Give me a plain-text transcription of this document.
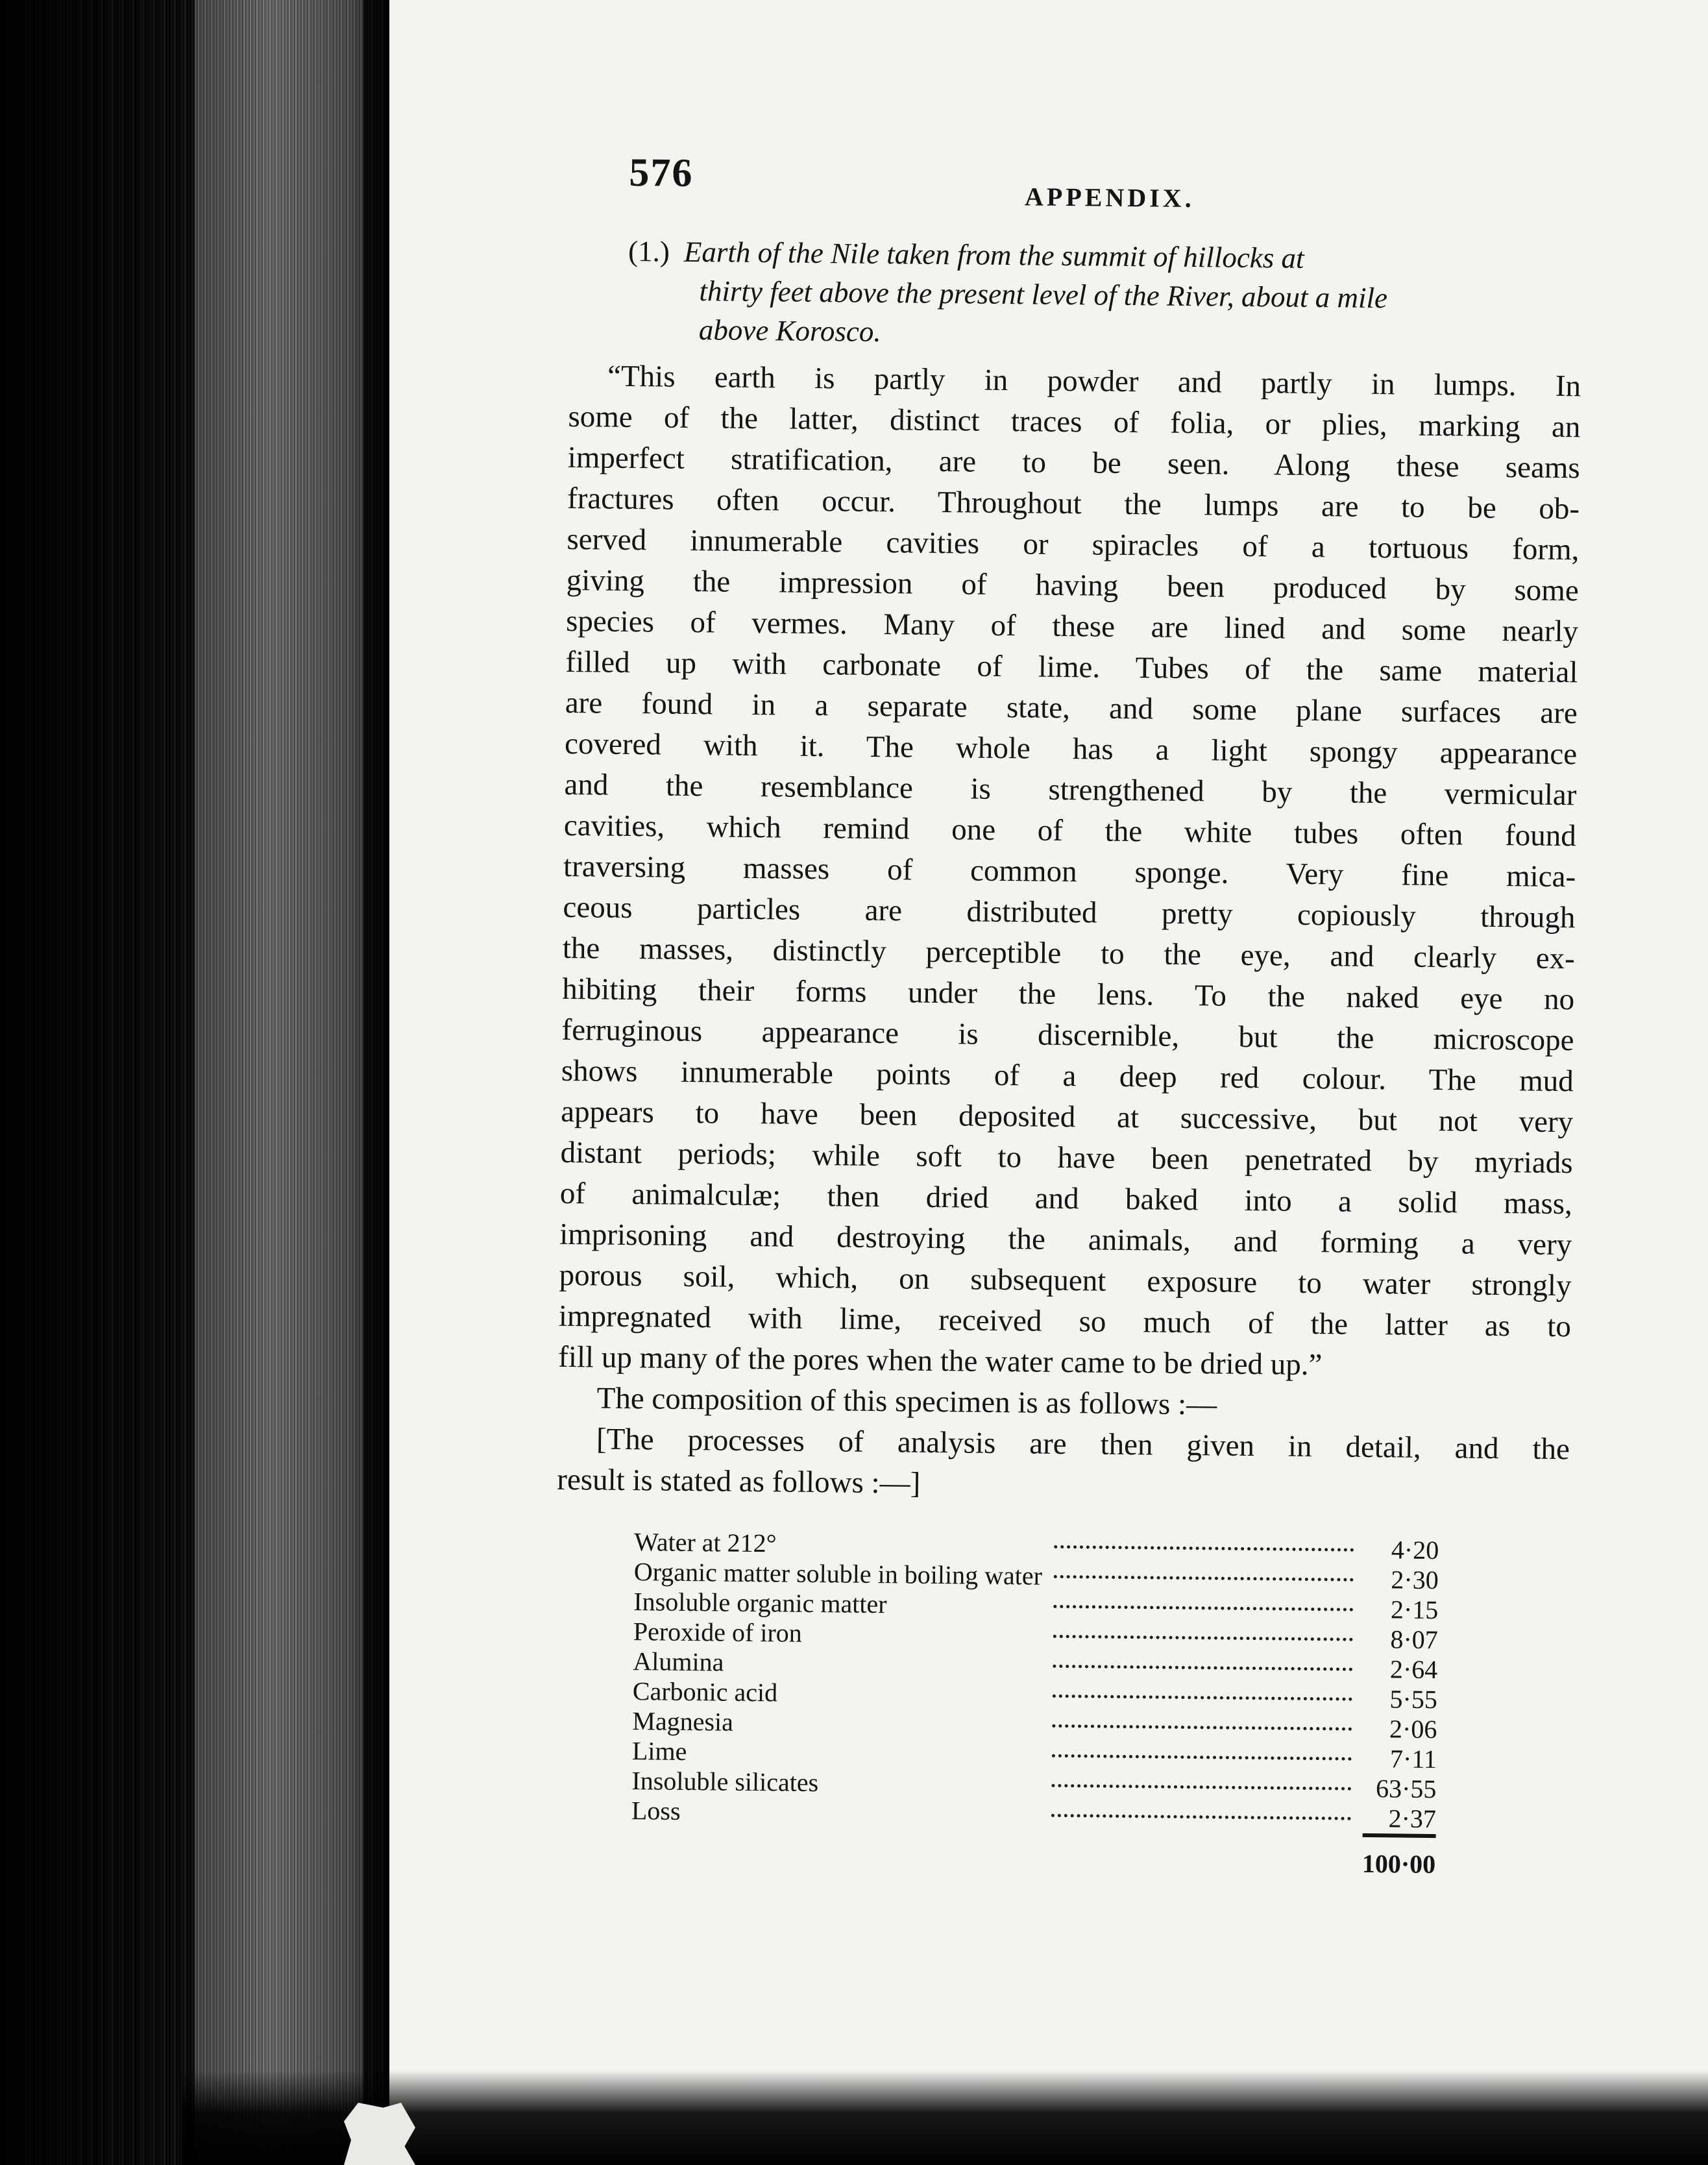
576
APPENDIX.
(1.) Earth of the Nile taken from the summit of hillocks at
thirty feet above the present level of the River, about a mile
above Korosco.
“This earth is partly in powder and partly in lumps. In
some of the latter, distinct traces of folia, or plies, marking an
imperfect stratification, are to be seen. Along these seams
fractures often occur. Throughout the lumps are to be ob-
served innumerable cavities or spiracles of a tortuous form,
giving the impression of having been produced by some
species of vermes. Many of these are lined and some nearly
filled up with carbonate of lime. Tubes of the same material
are found in a separate state, and some plane surfaces are
covered with it. The whole has a light spongy appearance
and the resemblance is strengthened by the vermicular
cavities, which remind one of the white tubes often found
traversing masses of common sponge. Very fine mica-
ceous particles are distributed pretty copiously through
the masses, distinctly perceptible to the eye, and clearly ex-
hibiting their forms under the lens. To the naked eye no
ferruginous appearance is discernible, but the microscope
shows innumerable points of a deep red colour. The mud
appears to have been deposited at successive, but not very
distant periods; while soft to have been penetrated by myriads
of animalculæ; then dried and baked into a solid mass,
imprisoning and destroying the animals, and forming a very
porous soil, which, on subsequent exposure to water strongly
impregnated with lime, received so much of the latter as to
fill up many of the pores when the water came to be dried up.”
The composition of this specimen is as follows :—
[The processes of analysis are then given in detail, and the
result is stated as follows :—]
Water at 212°		4·20
Organic matter soluble in boiling water		2·30
Insoluble organic matter		2·15
Peroxide of iron		8·07
Alumina		2·64
Carbonic acid		5·55
Magnesia		2·06
Lime		7·11
Insoluble silicates		63·55
Loss		2·37
		100·00
